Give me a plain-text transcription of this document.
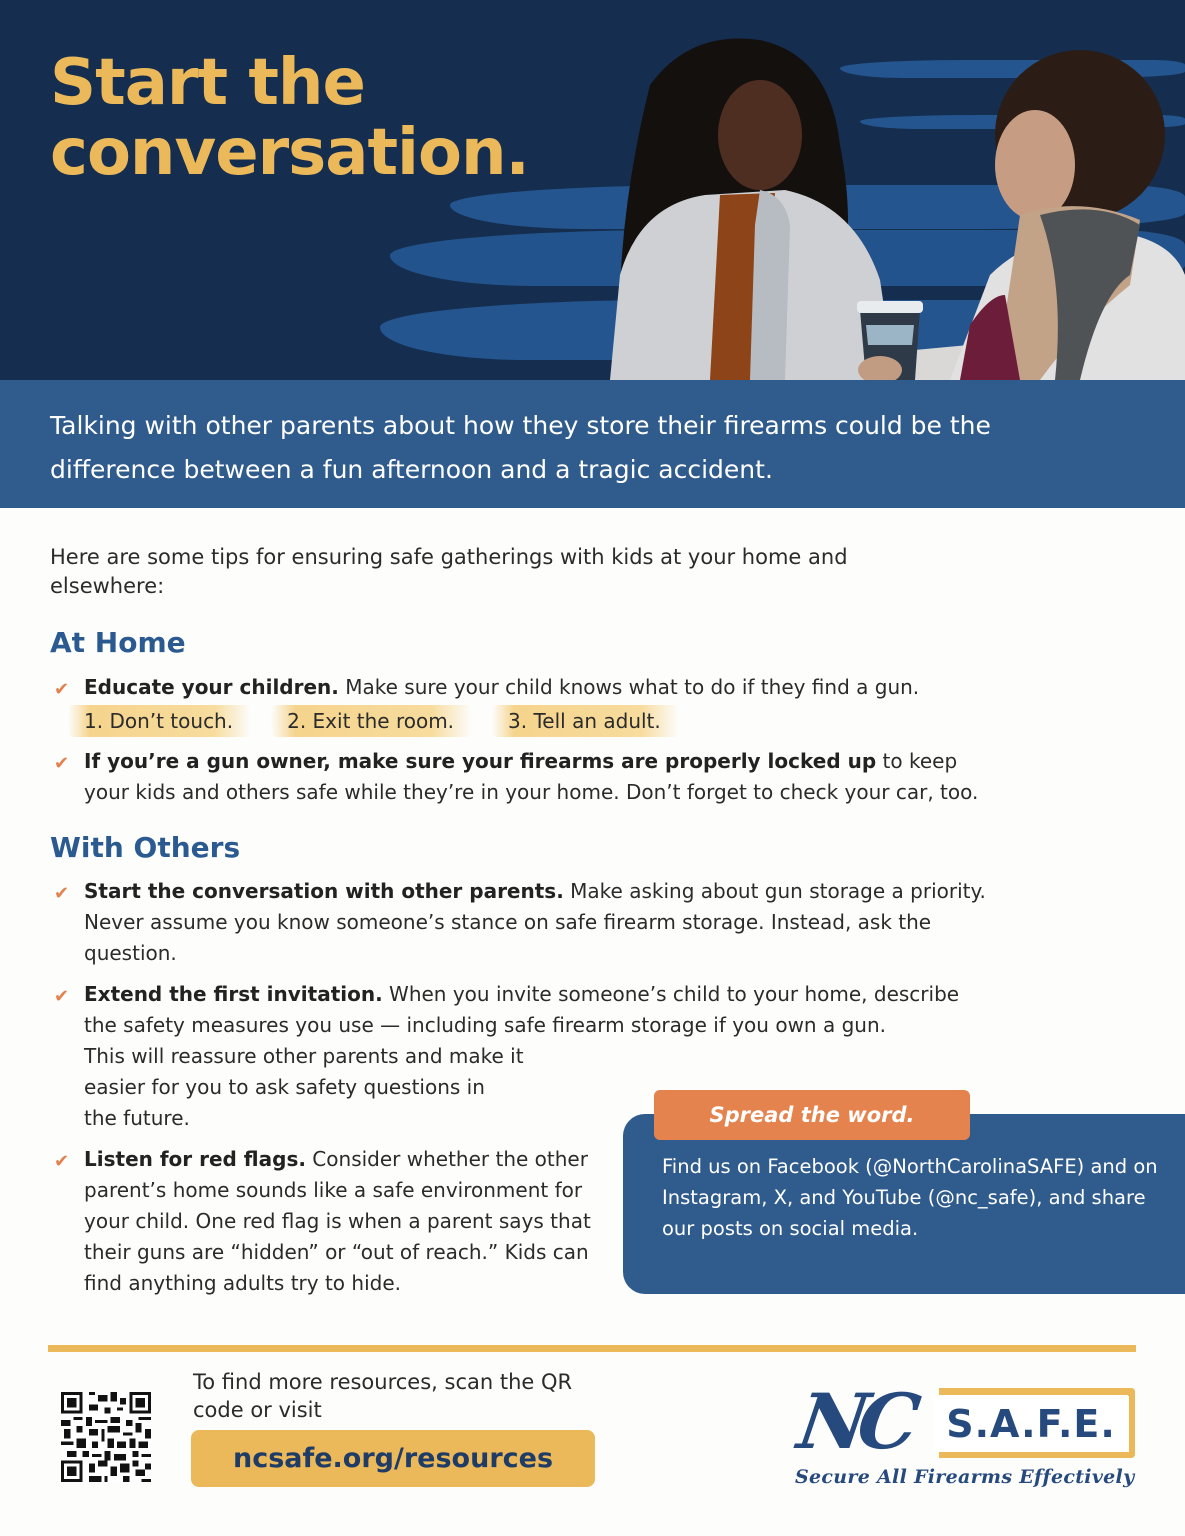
Start the
conversation.

Talking with other parents about how they store their firearms could be the difference between a fun afternoon and a tragic accident.

Here are some tips for ensuring safe gatherings with kids at your home and elsewhere:

At Home
✔ Educate your children. Make sure your child knows what to do if they find a gun.
1. Don’t touch.	2. Exit the room.	3. Tell an adult.
✔ If you’re a gun owner, make sure your firearms are properly locked up to keep your kids and others safe while they’re in your home. Don’t forget to check your car, too.
With Others
✔ Start the conversation with other parents. Make asking about gun storage a priority. Never assume you know someone’s stance on safe firearm storage. Instead, ask the question.
✔ Extend the first invitation. When you invite someone’s child to your home, describe the safety measures you use — including safe firearm storage if you own a gun.
This will reassure other parents and make it easier for you to ask safety questions in the future.
✔ Listen for red flags. Consider whether the other parent’s home sounds like a safe environment for your child. One red flag is when a parent says that their guns are “hidden” or “out of reach.” Kids can find anything adults try to hide.
Spread the word.

Find us on Facebook (@NorthCarolinaSAFE) and on Instagram, X, and YouTube (@nc_safe), and share our posts on social media.

To find more resources, scan the QR code or visit

ncsafe.org/resources
S.A.F.E.
NC
Secure All Firearms Effectively
